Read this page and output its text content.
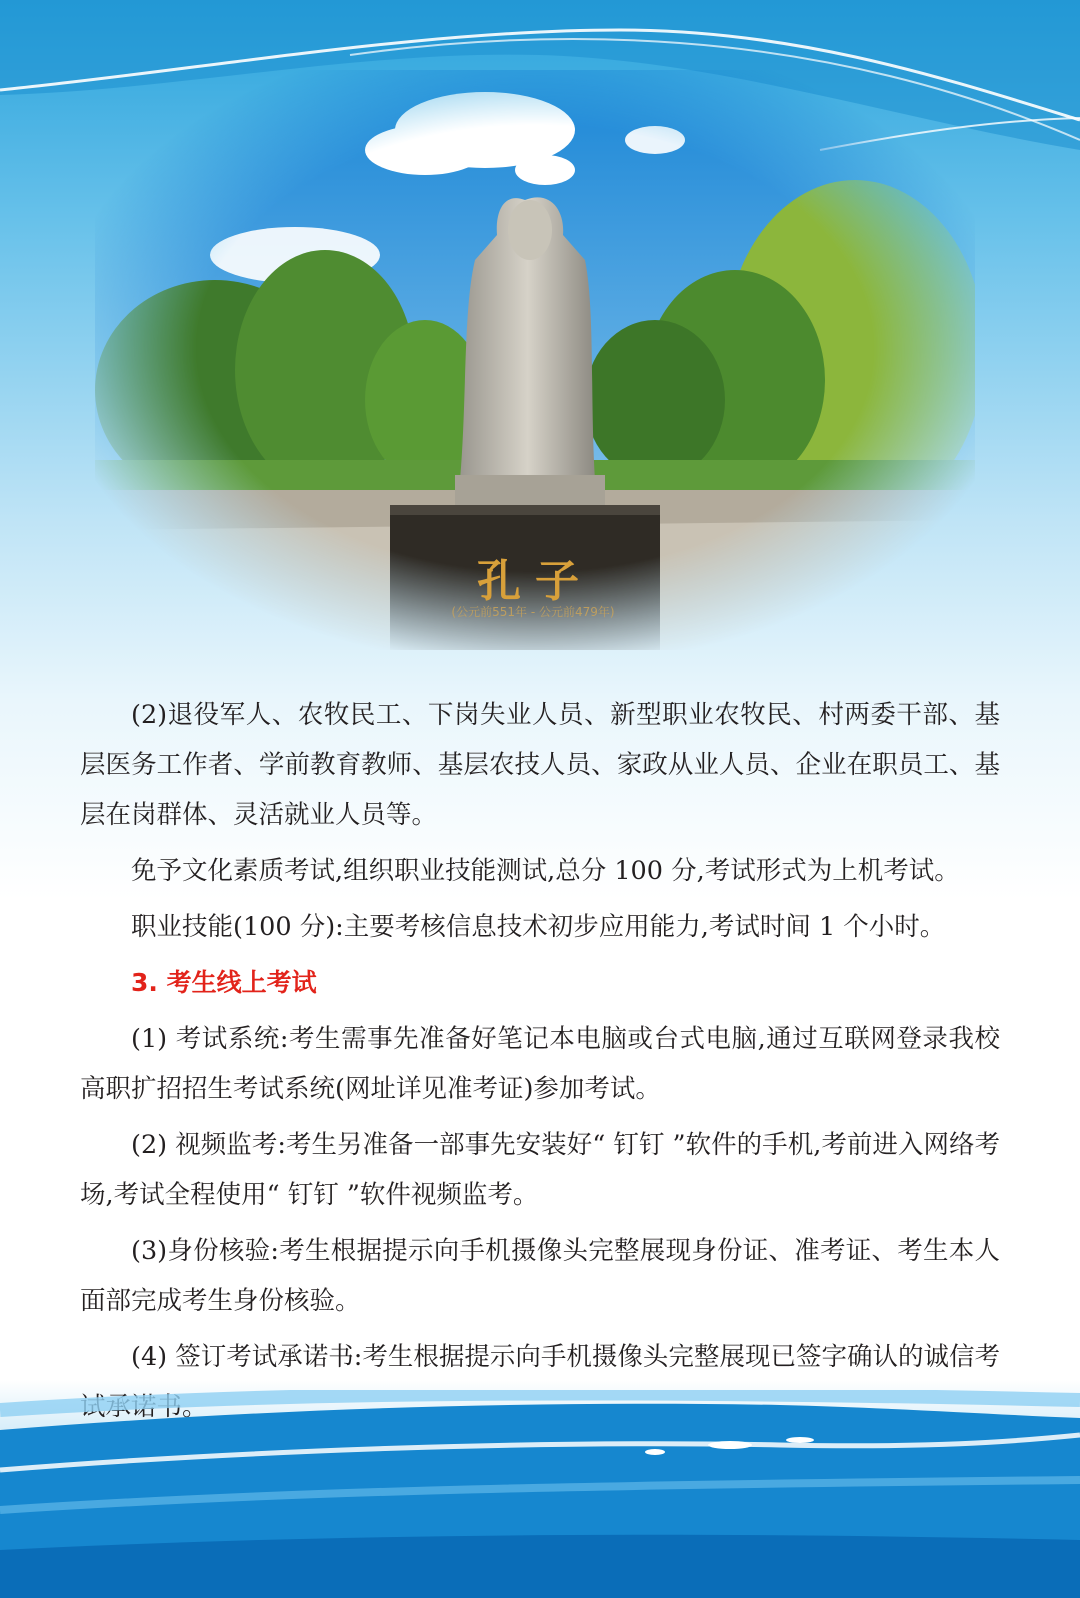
孔子
(公元前551年 - 公元前479年)

(2)退役军人、农牧民工、下岗失业人员、新型职业农牧民、村两委干部、基层医务工作者、学前教育教师、基层农技人员、家政从业人员、企业在职员工、基层在岗群体、灵活就业人员等。

免予文化素质考试,组织职业技能测试,总分 100 分,考试形式为上机考试。

职业技能(100 分):主要考核信息技术初步应用能力,考试时间 1 个小时。

3. 考生线上考试

(1) 考试系统:考生需事先准备好笔记本电脑或台式电脑,通过互联网登录我校高职扩招招生考试系统(网址详见准考证)参加考试。

(2) 视频监考:考生另准备一部事先安装好“ 钉钉 ”软件的手机,考前进入网络考场,考试全程使用“ 钉钉 ”软件视频监考。

(3)身份核验:考生根据提示向手机摄像头完整展现身份证、准考证、考生本人面部完成考生身份核验。

(4) 签订考试承诺书:考生根据提示向手机摄像头完整展现已签字确认的诚信考试承诺书。
